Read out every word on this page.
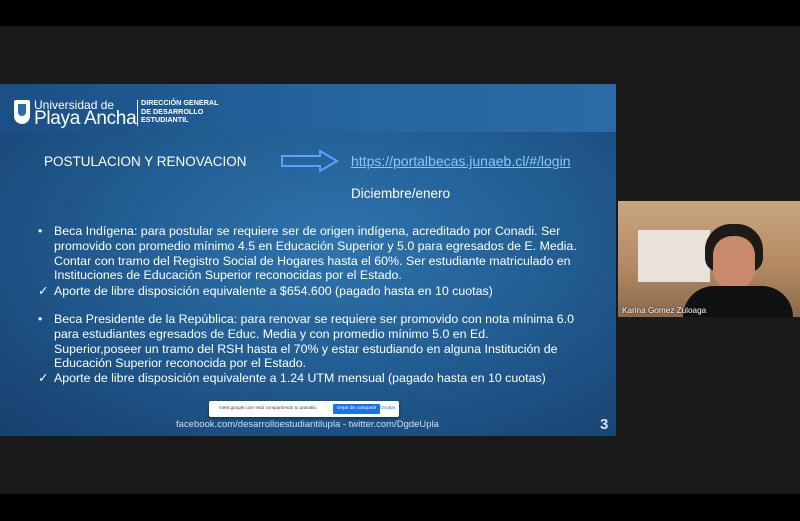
Universidad de
Playa Ancha
DIRECCIÓN GENERAL
DE DESARROLLO
ESTUDIANTIL
POSTULACION Y RENOVACION	https://portalbecas.junaeb.cl/#/login
Diciembre/enero
• Beca Indígena: para postular se requiere ser de origen indígena, acreditado por Conadi. Ser promovido con promedio mínimo 4.5 en Educación Superior y 5.0 para egresados de E. Media. Contar con tramo del Registro Social de Hogares hasta el 60%. Ser estudiante matriculado en Instituciones de Educación Superior reconocidas por el Estado.
✓ Aporte de libre disposición equivalente a $654.600 (pagado hasta en 10 cuotas)
• Beca Presidente de la República: para renovar se requiere ser promovido con nota mínima 6.0 para estudiantes egresados de Educ. Media y con promedio mínimo 5.0 en Ed. Superior,poseer un tramo del RSH hasta el 70% y estar estudiando en alguna Institución de Educación Superior reconocida por el Estado.
✓ Aporte de libre disposición equivalente a 1.24 UTM mensual (pagado hasta en 10 cuotas)
meet.google.com está compartiendo tu pantalla.	Dejar de compartir Ocultar
facebook.com/desarrolloestudiantilupla - twitter.com/DgdeUpla	3
Karina Gomez Zuloaga
